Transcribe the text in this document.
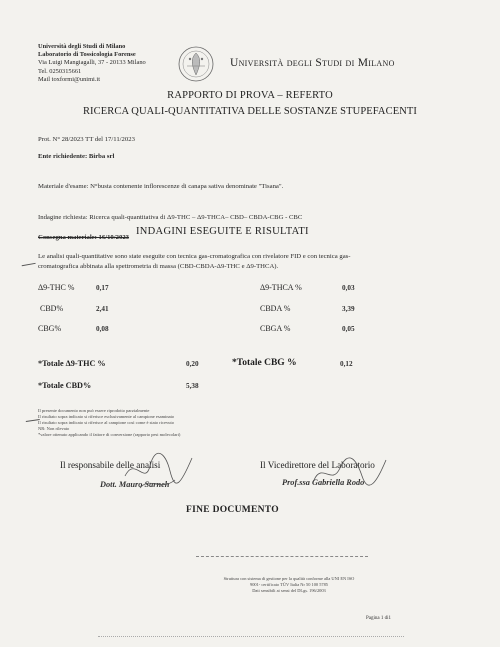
Università degli Studi di Milano
Laboratorio di Tossicologia Forense
Via Luigi Mangiagalli, 37 - 20133 Milano
Tel. 0250315661
Mail toxformi@unimi.it
Università degli Studi di Milano
RAPPORTO DI PROVA – REFERTO
RICERCA QUALI-QUANTITATIVA DELLE SOSTANZE STUPEFACENTI
Prot. N° 28/2023 TT del 17/11/2023
Ente richiedente: Birba srl
Materiale d'esame: N°busta contenente inflorescenze di canapa sativa denominate "Tisana".
Indagine richiesta: Ricerca quali-quantitativa di Δ9-THC – Δ9-THCA– CBD– CBDA-CBG - CBC
Consegna materiale: 16/10/2023
INDAGINI ESEGUITE E RISULTATI
Le analisi quali-quantitative sono state eseguite con tecnica gas-cromatografica con rivelatore FID e con tecnica gas-
cromatografica abbinata alla spettrometria di massa (CBD-CBDA-Δ9-THC e Δ9-THCA).
Δ9-THC %	0,17	Δ9-THCA %	0,03
CBD%	2,41	CBDA %	3,39
CBG%	0,08	CBGA %	0,05
*Totale Δ9-THC %	0,20	*Totale CBG %	0,12
*Totale CBD%	5,38
Il presente documento non può essere riprodotto parzialmente
Il risultato sopra indicato si riferisce esclusivamente al campione esaminato
Il risultato sopra indicato si riferisce al campione così come è stato ricevuto
NR: Non rilevato
*valore ottenuto applicando il fattore di conversione (rapporto pesi molecolari)
Il responsabile delle analisi
Dott. Mauro Sarneh
Il Vicedirettore del Laboratorio
Prof.ssa Gabriella Rodo
FINE DOCUMENTO
Struttura con sistema di gestione per la qualità conforme alla UNI EN ISO
9001- certificato TÜV Italia Nr 50 100 5785
Dati sensibili ai sensi del DLgs. 196/2003
Pagina 1 di1
